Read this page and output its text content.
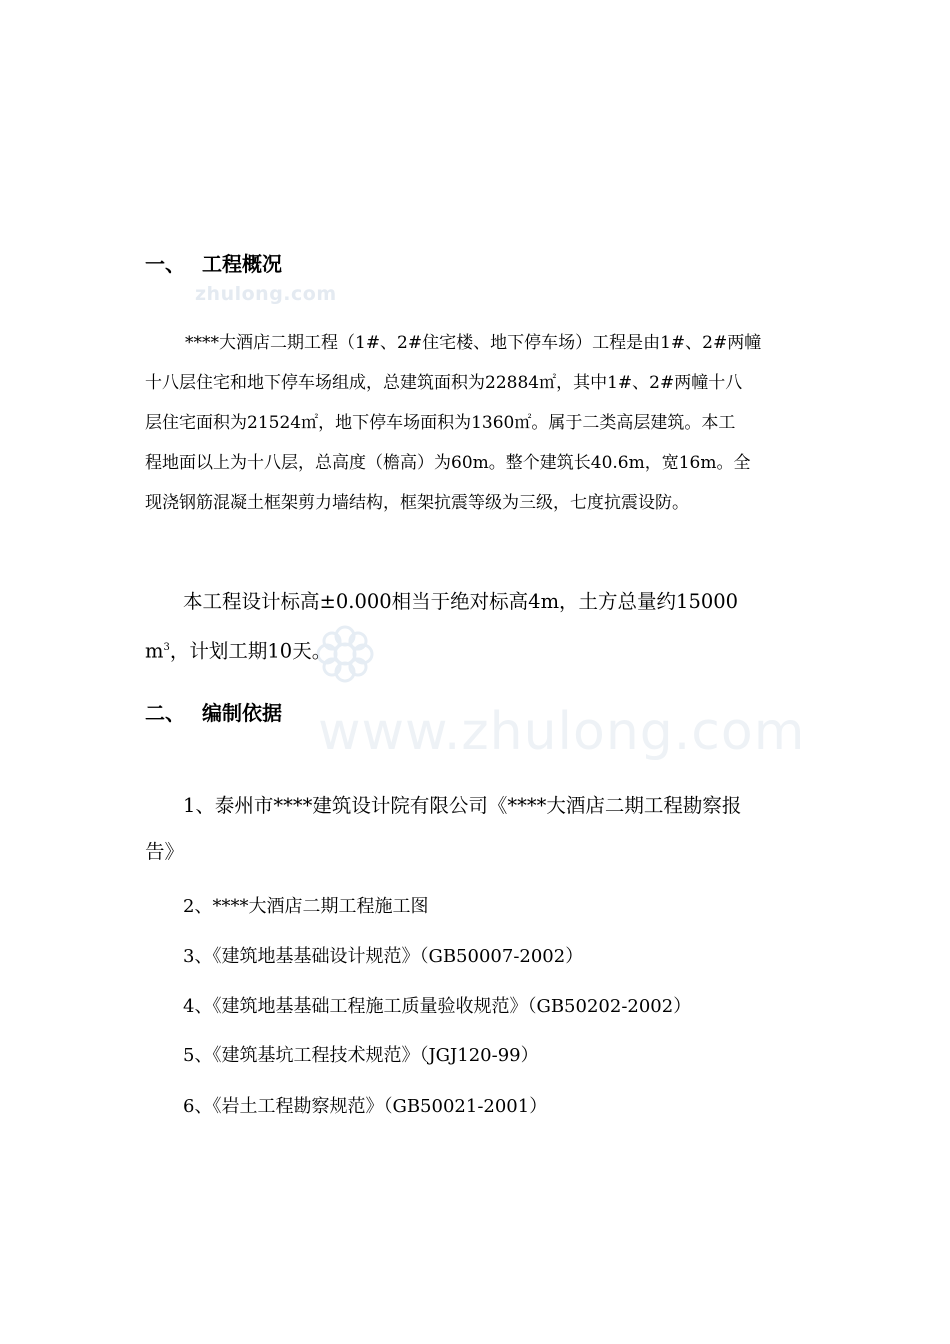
zhulong.com
www.zhulong.com
一、 工程概况
****大酒店二期工程（1#、2#住宅楼、地下停车场）工程是由1#、2#两幢
十八层住宅和地下停车场组成，总建筑面积为22884㎡，其中1#、2#两幢十八
层住宅面积为21524㎡，地下停车场面积为1360㎡。属于二类高层建筑。本工
程地面以上为十八层，总高度（檐高）为60m。整个建筑长40.6m，宽16m。全
现浇钢筋混凝土框架剪力墙结构，框架抗震等级为三级，七度抗震设防。
本工程设计标高±0.000相当于绝对标高4m，土方总量约15000
$m^3$，计划工期10天。
二、 编制依据
1、泰州市****建筑设计院有限公司《****大酒店二期工程勘察报
告》
2、****大酒店二期工程施工图
3、《建筑地基基础设计规范》（GB50007-2002）
4、《建筑地基基础工程施工质量验收规范》（GB50202-2002）
5、《建筑基坑工程技术规范》（JGJ120-99）
6、《岩土工程勘察规范》（GB50021-2001）
